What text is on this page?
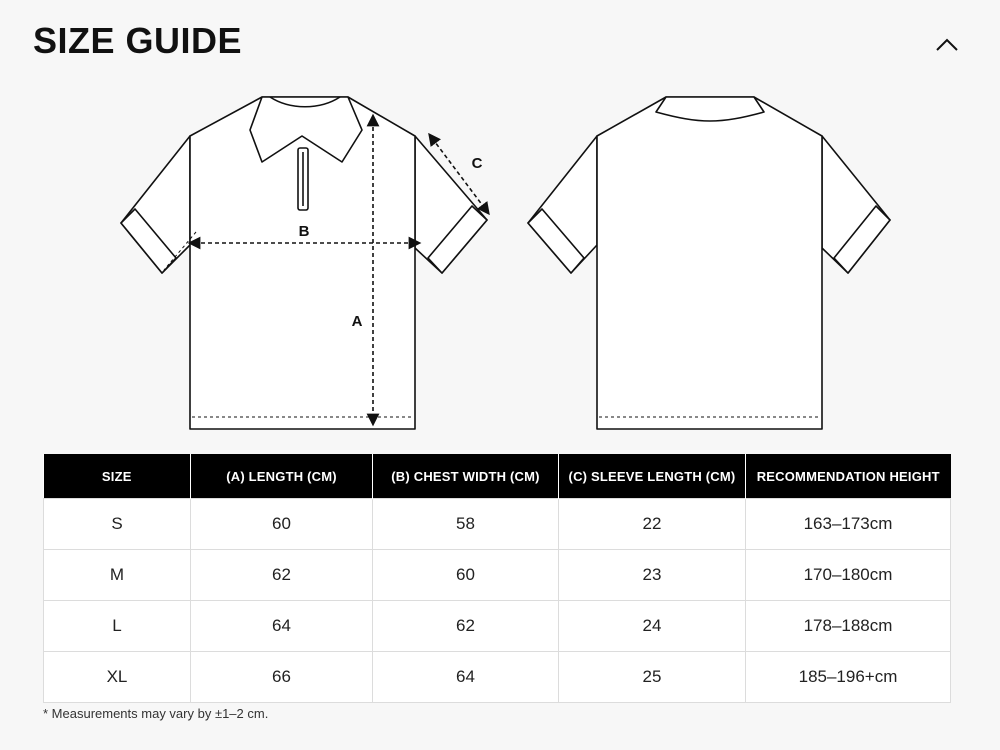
SIZE GUIDE
A
B
C
SIZE	(A) LENGTH (CM)	(B) CHEST WIDTH (CM)	(C) SLEEVE LENGTH (CM)	RECOMMENDATION HEIGHT
S	60	58	22	163–173cm
M	62	60	23	170–180cm
L	64	62	24	178–188cm
XL	66	64	25	185–196+cm
* Measurements may vary by ±1–2 cm.
